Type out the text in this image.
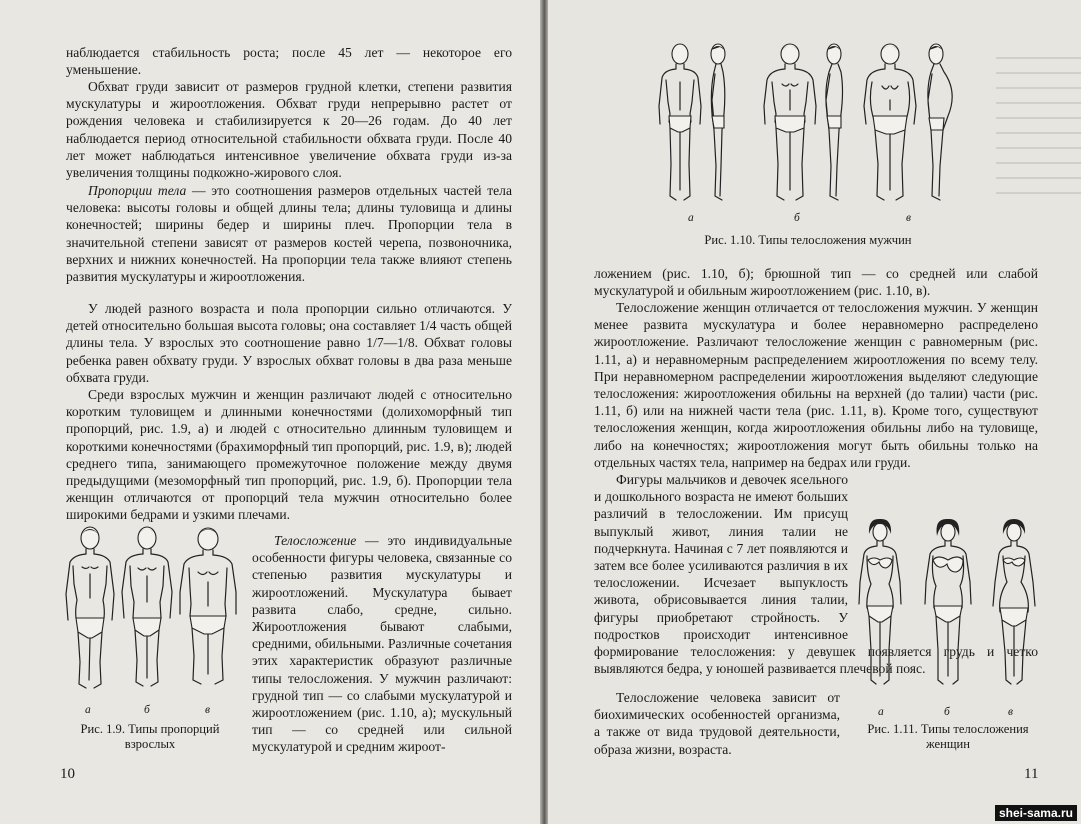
наблюдается стабильность роста; после 45 лет — некоторое его уменьшение.

Обхват груди зависит от размеров грудной клетки, степени развития мускулатуры и жироотложения. Обхват груди непрерывно растет от рождения человека и стабилизируется к 20—26 годам. До 40 лет наблюдается период относительной стабильности обхвата груди. После 40 лет может наблюдаться интенсивное увеличение обхвата груди из-за увеличения толщины подкожно-жирового слоя.

Пропорции тела — это соотношения размеров отдельных частей тела человека: высоты головы и общей длины тела; длины туловища и длины конечностей; ширины бедер и ширины плеч. Пропорции тела в значительной степени зависят от размеров костей черепа, позвоночника, верхних и нижних конечностей. На пропорции тела также влияют степень развития мускулатуры и жироотложения.

У людей разного возраста и пола пропорции сильно отличаются. У детей относительно большая высота головы; она составляет 1/4 часть общей длины тела. У взрослых это соотношение равно 1/7—1/8. Обхват головы ребенка равен обхвату груди. У взрослых обхват головы в два раза меньше обхвата груди.

Среди взрослых мужчин и женщин различают людей с относительно коротким туловищем и длинными конечностями (долихоморфный тип пропорций, рис. 1.9, а) и людей с относительно длинным туловищем и короткими конечностями (брахиморфный тип пропорций, рис. 1.9, в); людей среднего типа, занимающего промежуточное положение между двумя предыдущими (мезоморфный тип пропорций, рис. 1.9, б). Пропорции тела женщин отличаются от пропорций тела мужчин относительно более широкими бедрами и узкими плечами.

а	б	в
Рис. 1.9. Типы пропорций взрослых

Телосложение — это индивидуальные особенности фигуры человека, связанные со степенью развития мускулатуры и жироотложений. Мускулатура бывает развита слабо, средне, сильно. Жироотложения бывают слабыми, средними, обильными. Различные сочетания этих характеристик образуют различные типы телосложения. У мужчин различают: грудной тип — со слабыми мускулатурой и жироотложением (рис. 1.10, а); мускульный тип — со средней или сильной мускулатурой и средним жироот-

10
а	б	в
Рис. 1.10. Типы телосложения мужчин

ложением (рис. 1.10, б); брюшной тип — со средней или слабой мускулатурой и обильным жироотложением (рис. 1.10, в).

Телосложение женщин отличается от телосложения мужчин. У женщин менее развита мускулатура и более неравномерно распределено жироотложение. Различают телосложение женщин с равномерным (рис. 1.11, а) и неравномерным распределением жироотложения по всему телу. При неравномерном распределении жироотложения выделяют следующие телосложения: жироотложения обильны на верхней (до талии) части (рис. 1.11, б) или на нижней части тела (рис. 1.11, в). Кроме того, существуют телосложения женщин, когда жироотложения обильны либо на туловище, либо на конечностях; жироотложения могут быть обильны только на отдельных частях тела, например на бедрах или груди.

Фигуры мальчиков и девочек ясельного и дошкольного возраста не имеют больших различий в телосложении. Им присущ выпуклый живот, линия талии не подчеркнута. Начиная с 7 лет появляются и затем все более усиливаются различия в их телосложении. Исчезает выпуклость живота, обрисовывается линия талии, фигуры приобретают стройность. У подростков происходит интенсивное формирование телосложения: у девушек появляется грудь и четко выявляются бедра, у юношей развивается плечевой пояс.

Телосложение человека зависит от биохимических особенностей организма, а также от вида трудовой деятельности, образа жизни, возраста.

а	б	в
Рис. 1.11. Типы телосложения женщин
11
shei-sama.ru
